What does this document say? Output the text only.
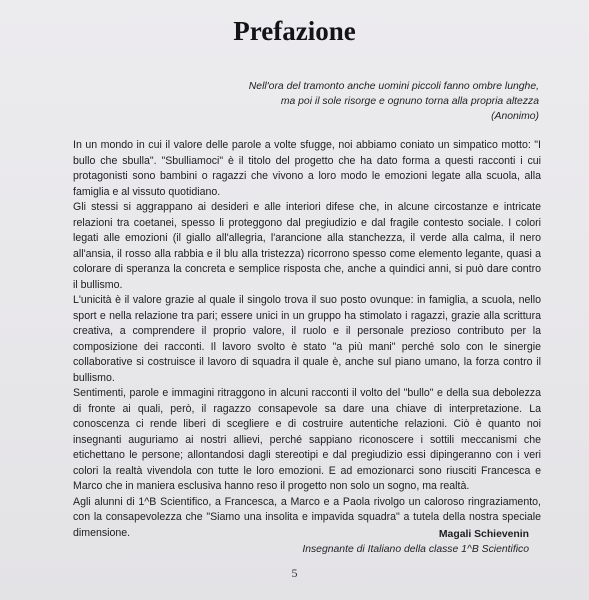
Prefazione
Nell'ora del tramonto anche uomini piccoli fanno ombre lunghe,
ma poi il sole risorge e ognuno torna alla propria altezza
(Anonimo)

In un mondo in cui il valore delle parole a volte sfugge, noi abbiamo coniato un simpatico motto: "I bullo che sbulla". "Sbulliamoci" è il titolo del progetto che ha dato forma a questi racconti i cui protagonisti sono bambini o ragazzi che vivono a loro modo le emozioni legate alla scuola, alla famiglia e al vissuto quotidiano.

Gli stessi si aggrappano ai desideri e alle interiori difese che, in alcune circostanze e intricate relazioni tra coetanei, spesso li proteggono dal pregiudizio e dal fragile contesto sociale. I colori legati alle emozioni (il giallo all'allegria, l'arancione alla stanchezza, il verde alla calma, il nero all'ansia, il rosso alla rabbia e il blu alla tristezza) ricorrono spesso come elemento legante, quasi a colorare di speranza la concreta e semplice risposta che, anche a quindici anni, si può dare contro il bullismo.

L'unicità è il valore grazie al quale il singolo trova il suo posto ovunque: in famiglia, a scuola, nello sport e nella relazione tra pari; essere unici in un gruppo ha stimolato i ragazzi, grazie alla scrittura creativa, a comprendere il proprio valore, il ruolo e il personale prezioso contributo per la composizione dei racconti. Il lavoro svolto è stato "a più mani" perché solo con le sinergie collaborative si costruisce il lavoro di squadra il quale è, anche sul piano umano, la forza contro il bullismo.

Sentimenti, parole e immagini ritraggono in alcuni racconti il volto del "bullo" e della sua debolezza di fronte ai quali, però, il ragazzo consapevole sa dare una chiave di interpretazione. La conoscenza ci rende liberi di scegliere e di costruire autentiche relazioni. Ciò è quanto noi insegnanti auguriamo ai nostri allievi, perché sappiano riconoscere i sottili meccanismi che etichettano le persone; allontandosi dagli stereotipi e dal pregiudizio essi dipingeranno con i veri colori la realtà vivendola con tutte le loro emozioni. E ad emozionarci sono riusciti Francesca e Marco che in maniera esclusiva hanno reso il progetto non solo un sogno, ma realtà.

Agli alunni di 1^B Scientifico, a Francesca, a Marco e a Paola rivolgo un caloroso ringraziamento, con la consapevolezza che "Siamo una insolita e impavida squadra" a tutela della nostra speciale dimensione.	Magali Schievenin
Insegnante di Italiano della classe 1^B Scientifico
5
